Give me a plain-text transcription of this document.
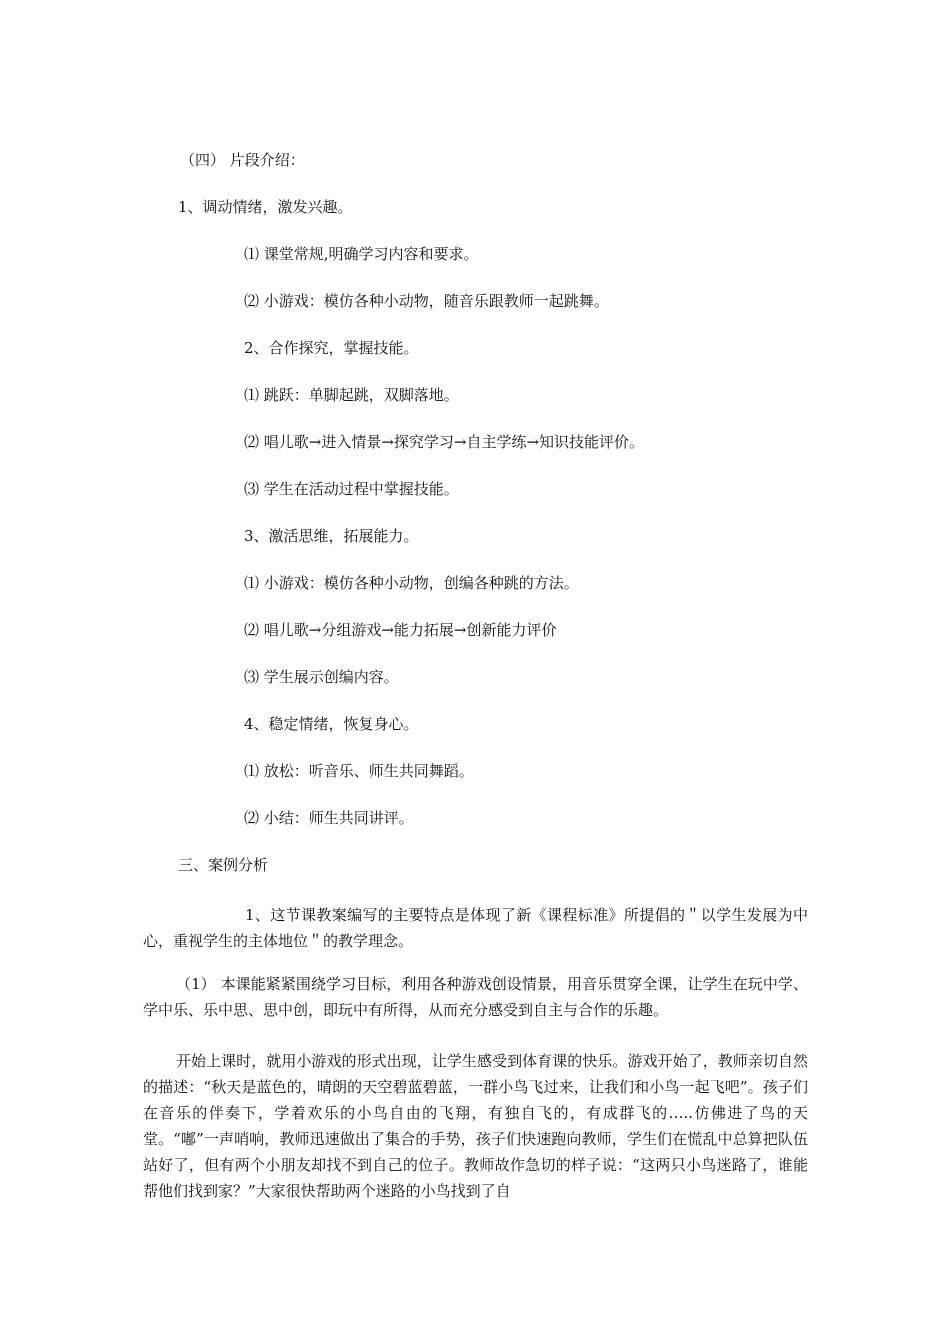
（四） 片段介绍：
1、调动情绪，激发兴趣。
⑴ 课堂常规,明确学习内容和要求。
⑵ 小游戏：模仿各种小动物，随音乐跟教师一起跳舞。
2、合作探究，掌握技能。
⑴ 跳跃：单脚起跳，双脚落地。
⑵ 唱儿歌→进入情景→探究学习→自主学练→知识技能评价。
⑶ 学生在活动过程中掌握技能。
3、激活思维，拓展能力。
⑴ 小游戏：模仿各种小动物，创编各种跳的方法。
⑵ 唱儿歌→分组游戏→能力拓展→创新能力评价
⑶ 学生展示创编内容。
4、稳定情绪，恢复身心。
⑴ 放松：听音乐、师生共同舞蹈。
⑵ 小结：师生共同讲评。
三、案例分析
1、这节课教案编写的主要特点是体现了新《课程标准》所提倡的＂以学生发展为中心，重视学生的主体地位＂的教学理念。
（1） 本课能紧紧围绕学习目标，利用各种游戏创设情景，用音乐贯穿全课，让学生在玩中学、学中乐、乐中思、思中创，即玩中有所得，从而充分感受到自主与合作的乐趣。
开始上课时，就用小游戏的形式出现，让学生感受到体育课的快乐。游戏开始了，教师亲切自然的描述：“秋天是蓝色的，晴朗的天空碧蓝碧蓝，一群小鸟飞过来，让我们和小鸟一起飞吧”。孩子们在音乐的伴奏下，学着欢乐的小鸟自由的飞翔，有独自飞的，有成群飞的…..仿佛进了鸟的天堂。“嘟”一声哨响，教师迅速做出了集合的手势，孩子们快速跑向教师，学生们在慌乱中总算把队伍站好了，但有两个小朋友却找不到自己的位子。教师故作急切的样子说：“这两只小鸟迷路了，谁能帮他们找到家？”大家很快帮助两个迷路的小鸟找到了自
